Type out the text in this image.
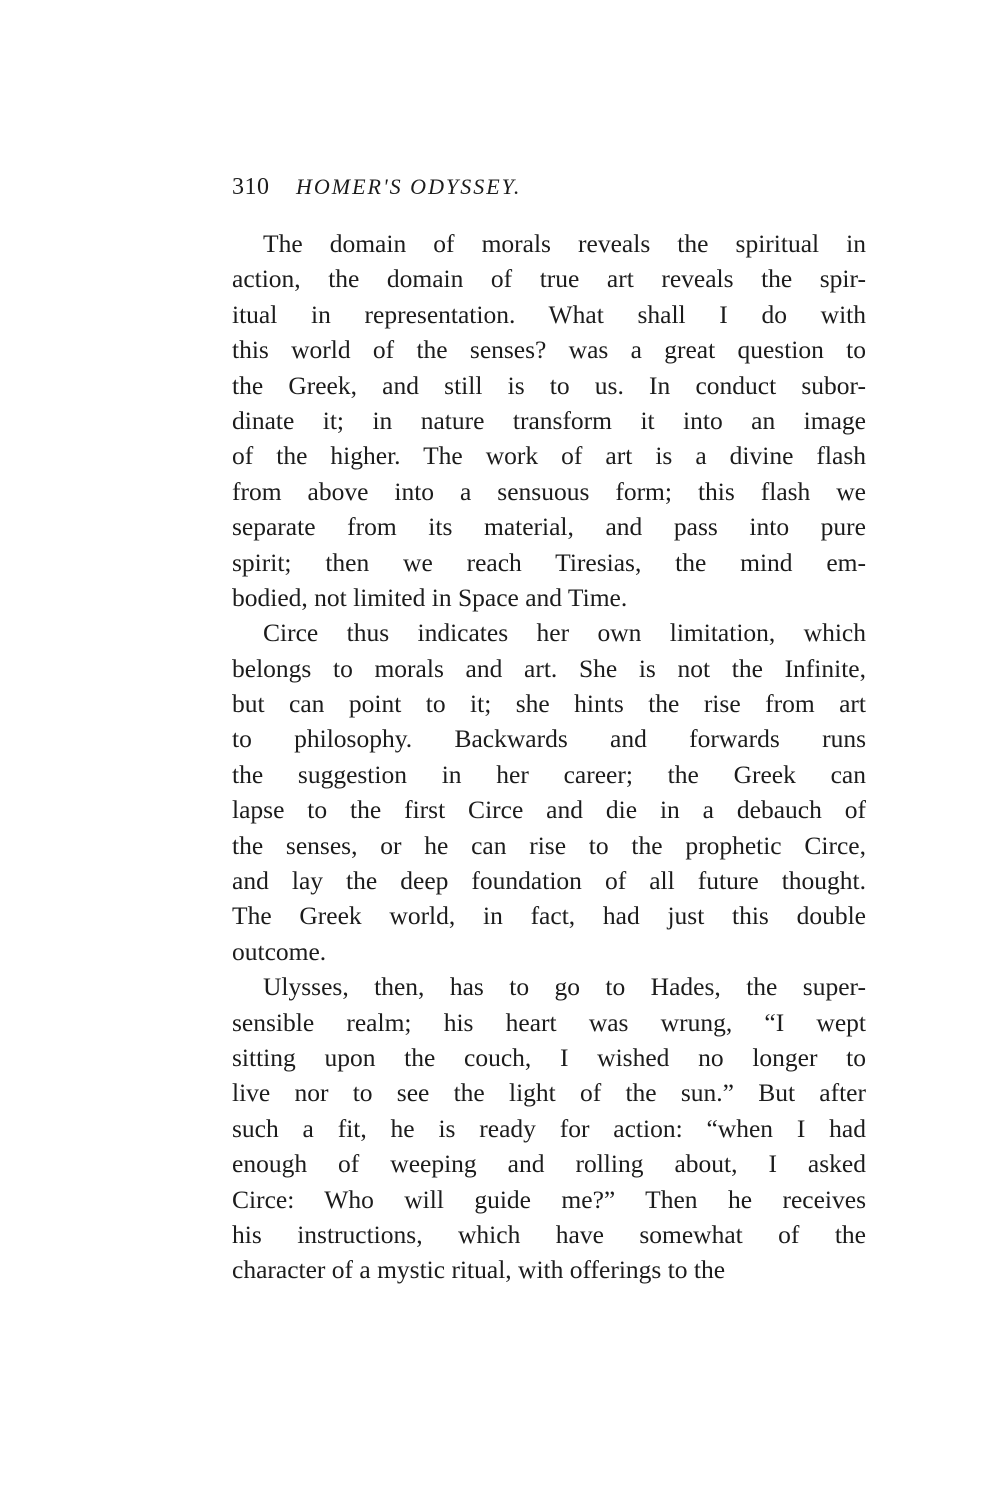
310 HOMER'S ODYSSEY.
The domain of morals reveals the spiritual in
action, the domain of true art reveals the spir-
itual in representation. What shall I do with
this world of the senses? was a great question to
the Greek, and still is to us. In conduct subor-
dinate it; in nature transform it into an image
of the higher. The work of art is a divine flash
from above into a sensuous form; this flash we
separate from its material, and pass into pure
spirit; then we reach Tiresias, the mind em-
bodied, not limited in Space and Time.
Circe thus indicates her own limitation, which
belongs to morals and art. She is not the Infinite,
but can point to it; she hints the rise from art
to philosophy. Backwards and forwards runs
the suggestion in her career; the Greek can
lapse to the first Circe and die in a debauch of
the senses, or he can rise to the prophetic Circe,
and lay the deep foundation of all future thought.
The Greek world, in fact, had just this double
outcome.
Ulysses, then, has to go to Hades, the super-
sensible realm; his heart was wrung, “I wept
sitting upon the couch, I wished no longer to
live nor to see the light of the sun.” But after
such a fit, he is ready for action: “when I had
enough of weeping and rolling about, I asked
Circe: Who will guide me?” Then he receives
his instructions, which have somewhat of the
character of a mystic ritual, with offerings to the
